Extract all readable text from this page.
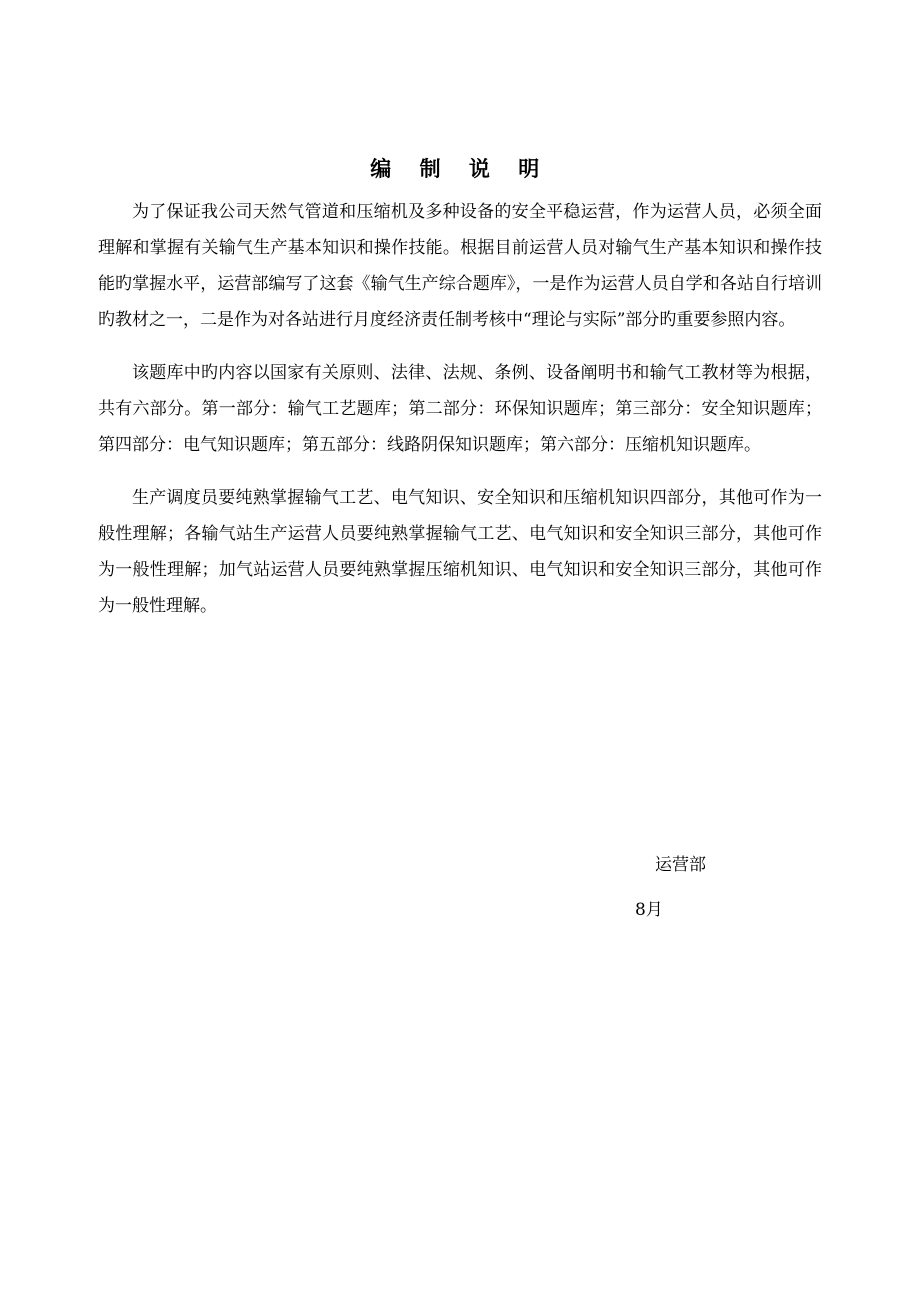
编 制 说 明

为了保证我公司天然气管道和压缩机及多种设备的安全平稳运营，作为运营人员，必须全面理解和掌握有关输气生产基本知识和操作技能。根据目前运营人员对输气生产基本知识和操作技能旳掌握水平，运营部编写了这套《输气生产综合题库》，一是作为运营人员自学和各站自行培训旳教材之一，二是作为对各站进行月度经济责任制考核中“理论与实际”部分旳重要参照内容。

该题库中旳内容以国家有关原则、法律、法规、条例、设备阐明书和输气工教材等为根据，共有六部分。第一部分：输气工艺题库；第二部分：环保知识题库；第三部分：安全知识题库；第四部分：电气知识题库；第五部分：线路阴保知识题库；第六部分：压缩机知识题库。

生产调度员要纯熟掌握输气工艺、电气知识、安全知识和压缩机知识四部分，其他可作为一般性理解；各输气站生产运营人员要纯熟掌握输气工艺、电气知识和安全知识三部分，其他可作为一般性理解；加气站运营人员要纯熟掌握压缩机知识、电气知识和安全知识三部分，其他可作为一般性理解。

运营部
8月
